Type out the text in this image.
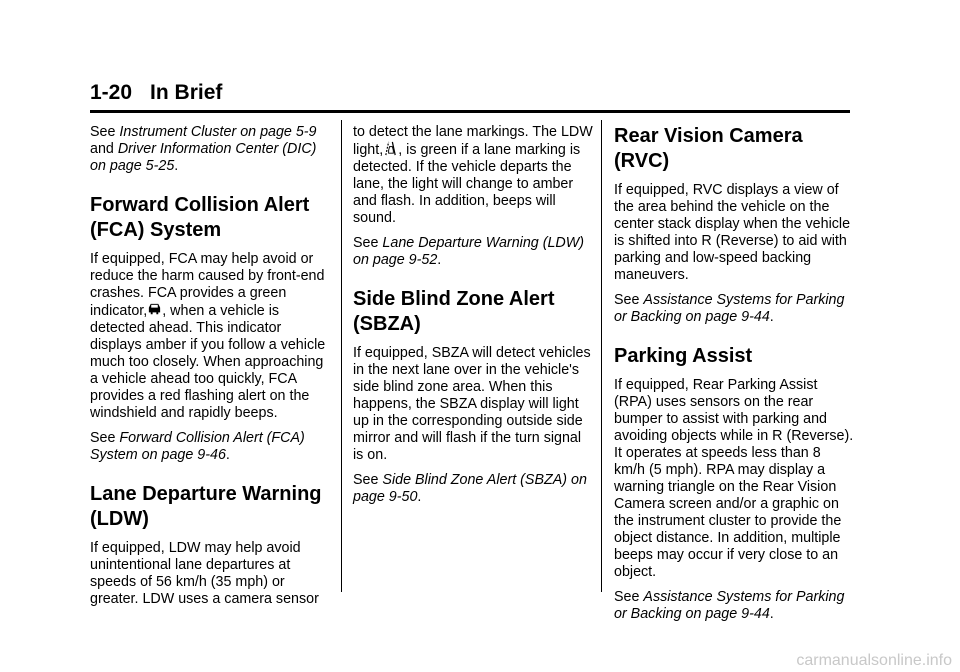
1-20 In Brief

See Instrument Cluster on page 5-9 and Driver Information Center (DIC) on page 5-25.

Forward Collision Alert (FCA) System

If equipped, FCA may help avoid or reduce the harm caused by front-end crashes. FCA provides a green indicator, , when a vehicle is detected ahead. This indicator displays amber if you follow a vehicle much too closely. When approaching a vehicle ahead too quickly, FCA provides a red flashing alert on the windshield and rapidly beeps.

See Forward Collision Alert (FCA) System on page 9-46.

Lane Departure Warning (LDW)

If equipped, LDW may help avoid unintentional lane departures at speeds of 56 km/h (35 mph) or greater. LDW uses a camera sensor

to detect the lane markings. The LDW light, , is green if a lane marking is detected. If the vehicle departs the lane, the light will change to amber and flash. In addition, beeps will sound.

See Lane Departure Warning (LDW) on page 9-52.

Side Blind Zone Alert (SBZA)

If equipped, SBZA will detect vehicles in the next lane over in the vehicle's side blind zone area. When this happens, the SBZA display will light up in the corresponding outside side mirror and will flash if the turn signal is on.

See Side Blind Zone Alert (SBZA) on page 9-50.

Rear Vision Camera (RVC)

If equipped, RVC displays a view of the area behind the vehicle on the center stack display when the vehicle is shifted into R (Reverse) to aid with parking and low-speed backing maneuvers.

See Assistance Systems for Parking or Backing on page 9-44.

Parking Assist

If equipped, Rear Parking Assist (RPA) uses sensors on the rear bumper to assist with parking and avoiding objects while in R (Reverse). It operates at speeds less than 8 km/h (5 mph). RPA may display a warning triangle on the Rear Vision Camera screen and/or a graphic on the instrument cluster to provide the object distance. In addition, multiple beeps may occur if very close to an object.

See Assistance Systems for Parking or Backing on page 9-44.

carmanualsonline.info
